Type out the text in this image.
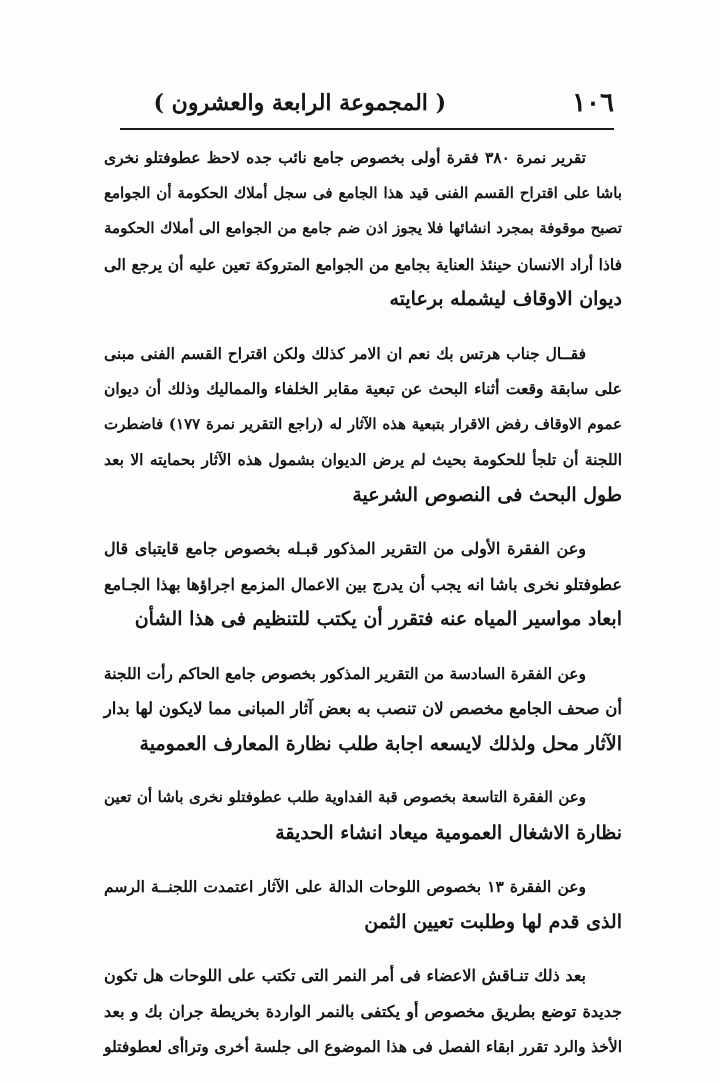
١٠٦
( المجموعة الرابعة والعشرون )

تقرير نمرة ٣٨٠ فقرة أولى بخصوص جامع نائب جده لاحظ عطوفتلو نخرى
باشا على اقتراح القسم الفنى قيد هذا الجامع فى سجل أملاك الحكومة أن الجوامع
تصبح موقوفة بمجرد انشائها فلا يجوز اذن ضم جامع من الجوامع الى أملاك الحكومة
فاذا أراد الانسان حينئذ العناية بجامع من الجوامع المتروكة تعين عليه أن يرجع الى
ديوان الاوقاف ليشمله برعايته

فقــال جناب هرتس بك نعم ان الامر كذلك ولكن اقتراح القسم الفنى مبنى
على سابقة وقعت أثناء البحث عن تبعية مقابر الخلفاء والمماليك وذلك أن ديوان
عموم الاوقاف رفض الاقرار بتبعية هذه الآثار له (راجع التقرير نمرة ١٧٧) فاضطرت
اللجنة أن تلجأ للحكومة بحيث لم يرض الديوان بشمول هذه الآثار بحمايته الا بعد
طول البحث فى النصوص الشرعية

وعن الفقرة الأولى من التقرير المذكور قبـله بخصوص جامع قايتباى قال
عطوفتلو نخرى باشا انه يجب أن يدرج بين الاعمال المزمع اجراؤها بهذا الجـامع
ابعاد مواسير المياه عنه فتقرر أن يكتب للتنظيم فى هذا الشأن

وعن الفقرة السادسة من التقرير المذكور بخصوص جامع الحاكم رأت اللجنة
أن صحف الجامع مخصص لان تنصب به بعض آثار المبانى مما لايكون لها بدار
الآثار محل ولذلك لايسعه اجابة طلب نظارة المعارف العمومية

وعن الفقرة التاسعة بخصوص قبة الفداوية طلب عطوفتلو نخرى باشا أن تعين
نظارة الاشغال العمومية ميعاد انشاء الحديقة

وعن الفقرة ١٣ بخصوص اللوحات الدالة على الآثار اعتمدت اللجنــة الرسم
الذى قدم لها وطلبت تعيين الثمن

بعد ذلك تنـاقش الاعضاء فى أمر النمر التى تكتب على اللوحات هل تكون
جديدة توضع بطريق مخصوص أو يكتفى بالنمر الواردة بخريطة جران بك و بعد
الأخذ والرد تقرر ابقاء الفصل فى هذا الموضوع الى جلسة أخرى وتراأى لعطوفتلو
